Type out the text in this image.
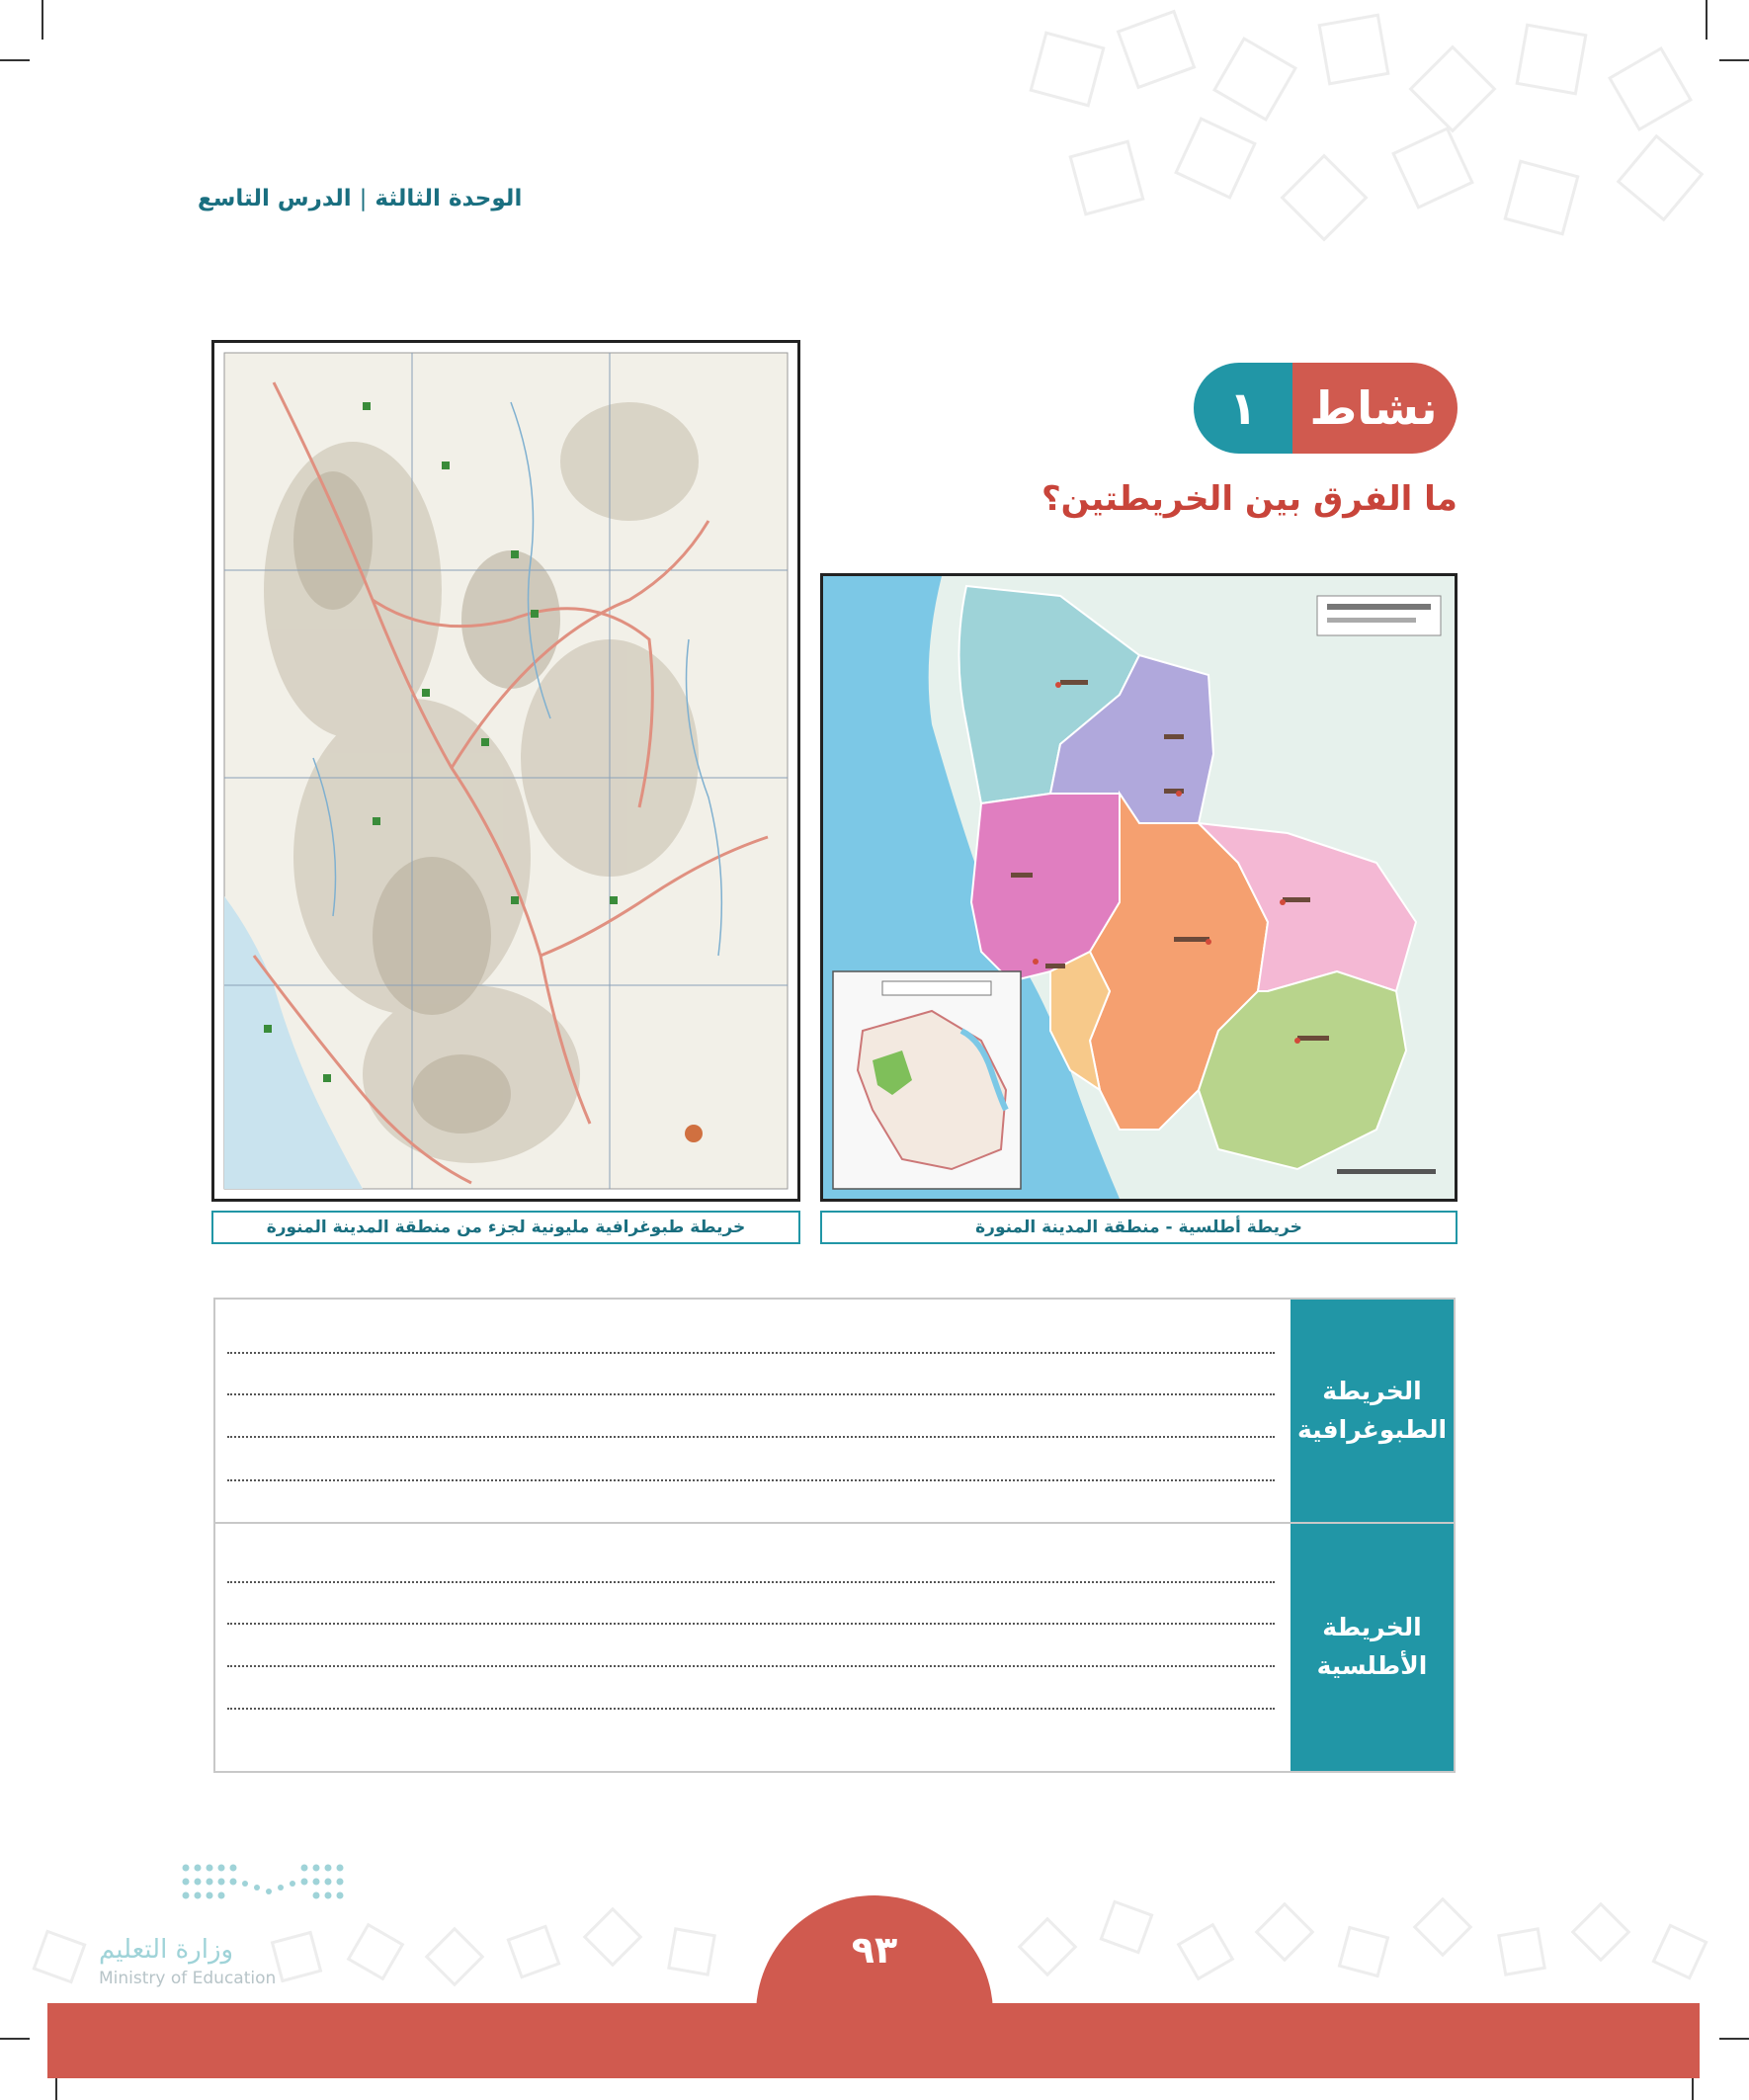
الوحدة الثالثة|الدرس التاسع
نشاط
١
ما الفرق بين الخريطتين؟
خريطة طبوغرافية مليونية لجزء من منطقة المدينة المنورة	خريطة أطلسية - منطقة المدينة المنورة
الخريطة
الطبوغرافية
الخريطة
الأطلسية
وزارة التعليم
Ministry of Education
٩٣
